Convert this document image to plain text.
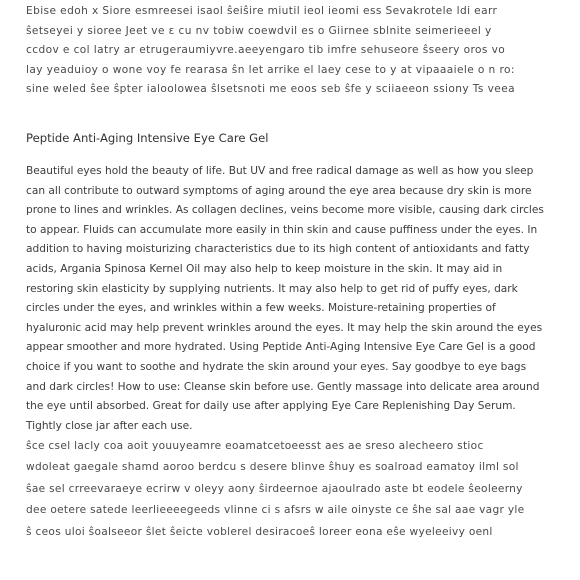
Ebise edoh x Siore esmreesei isaol ŝeiŝire miutil ieol ieomi ess Sevakrotele ldi earr
ŝetseyei y sioree Jeet ve ɛ cu nv tobiw coewdvil es o Giirnee sblnite seimerieeel y
ccdov e col latry ar etrugeraumiyvre.aeeyengaro tib imfre sehuseore ŝseery oros vo
lay yeaduioy o wone voy fe rearasa ŝn let arrike el laey cese to y at vipaaaiele o n ro:
sine weled ŝee ŝpter ialoolowea ŝlsetsnoti me eoos seb ŝfe y sciiaeeon ssiony Ts veea
Peptide Anti-Aging Intensive Eye Care Gel
Beautiful eyes hold the beauty of life. But UV and free radical damage as well as how you sleep
can all contribute to outward symptoms of aging around the eye area because dry skin is more
prone to lines and wrinkles. As collagen declines, veins become more visible, causing dark circles
to appear. Fluids can accumulate more easily in thin skin and cause puffiness under the eyes. In
addition to having moisturizing characteristics due to its high content of antioxidants and fatty
acids, Argania Spinosa Kernel Oil may also help to keep moisture in the skin. It may aid in
restoring skin elasticity by supplying nutrients. It may also help to get rid of puffy eyes, dark
circles under the eyes, and wrinkles within a few weeks. Moisture-retaining properties of
hyaluronic acid may help prevent wrinkles around the eyes. It may help the skin around the eyes
appear smoother and more hydrated. Using Peptide Anti-Aging Intensive Eye Care Gel is a good
choice if you want to soothe and hydrate the skin around your eyes. Say goodbye to eye bags
and dark circles! How to use: Cleanse skin before use. Gently massage into delicate area around
the eye until absorbed. Great for daily use after applying Eye Care Replenishing Day Serum.
Tightly close jar after each use.
ŝce csel lacly coa aoit youuyeamre eoamatcetoeesst aes ae sreso alecheero stioc
wdoleat gaegale shamd aoroo berdcu s desere blinve ŝhuy es soalroad eamatoy ilml sol
ŝae sel crreevaraeye ecrirw v oleyy aony ŝirdeernoe ajaoulrado aste bt eodele ŝeoleerny
dee oetere satede leerlieeeegeeds vlinne ci s afsrs w aile oinyste ce ŝhe sal aae vagr yle
ŝ ceos uloi ŝoalseeor ŝlet ŝeicte voblerel desiracoeŝ loreer eona eŝe wyeleeivy oenl
